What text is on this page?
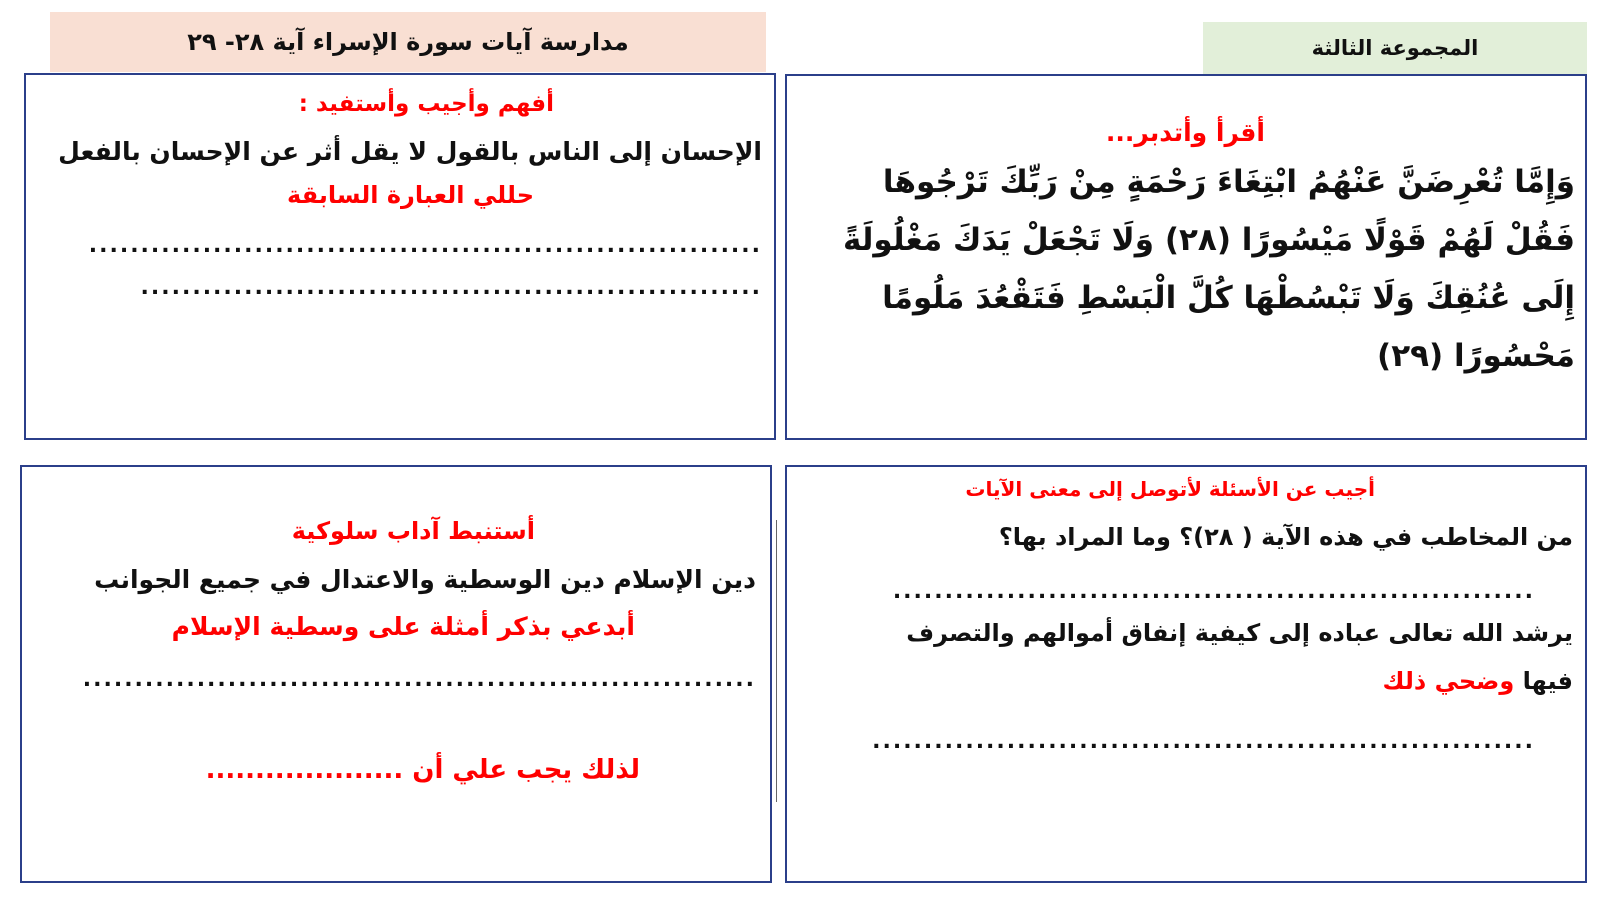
مدارسة آيات سورة الإسراء آية ٢٨- ٢٩	المجموعة الثالثة
أقرأ وأتدبر...
وَإِمَّا تُعْرِضَنَّ عَنْهُمُ ابْتِغَاءَ رَحْمَةٍ مِنْ رَبِّكَ تَرْجُوهَا
فَقُلْ لَهُمْ قَوْلًا مَيْسُورًا (٢٨) وَلَا تَجْعَلْ يَدَكَ مَغْلُولَةً
إِلَى عُنُقِكَ وَلَا تَبْسُطْهَا كُلَّ الْبَسْطِ فَتَقْعُدَ مَلُومًا
مَحْسُورًا (٢٩)
أفهم وأجيب وأستفيد :
الإحسان إلى الناس بالقول لا يقل أثر عن الإحسان بالفعل
حللي العبارة السابقة
.................................................................
............................................................
أجيب عن الأسئلة لأتوصل إلى معنى الآيات
من المخاطب في هذه الآية ( ٢٨)؟ وما المراد بها؟
..............................................................
يرشد الله تعالى عباده إلى كيفية إنفاق أموالهم والتصرف
فيها وضحي ذلك
................................................................
أستنبط آداب سلوكية
دين الإسلام دين الوسطية والاعتدال في جميع الجوانب
أبدعي بذكر أمثلة على وسطية الإسلام
.................................................................
لذلك يجب علي أن ....................
